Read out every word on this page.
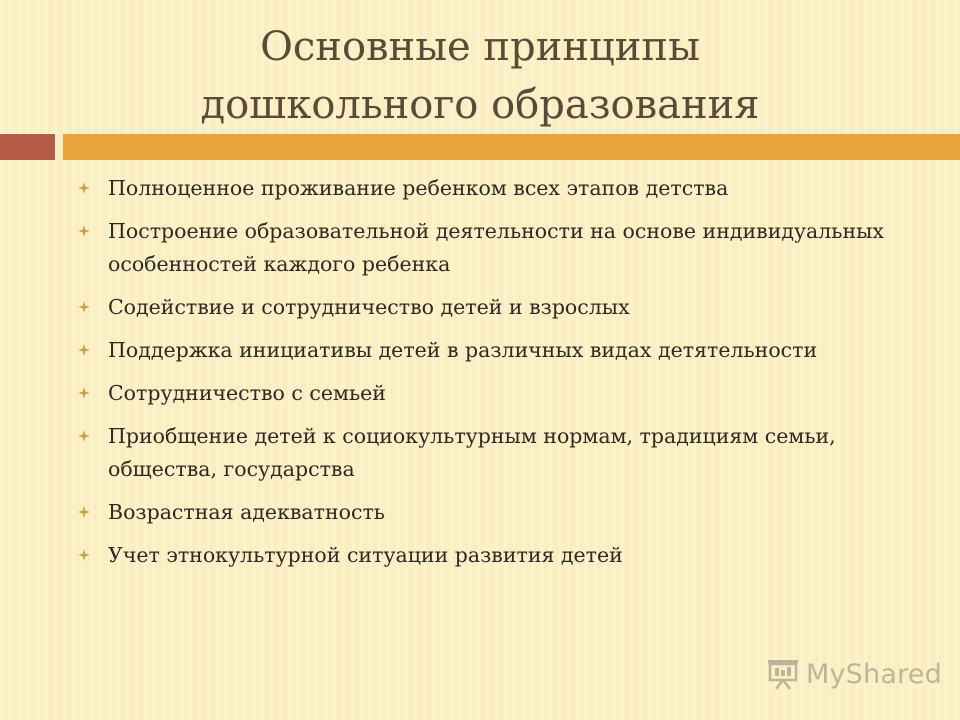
Основные принципы
дошкольного образования
Полноценное проживание ребенком всех этапов детства
Построение образовательной деятельности на основе индивидуальных особенностей каждого ребенка
Содействие и сотрудничество детей и взрослых
Поддержка инициативы детей в различных видах детятельности
Сотрудничество с семьей
Приобщение детей к социокультурным нормам, традициям семьи, общества, государства
Возрастная адекватность
Учет этнокультурной ситуации развития детей
MyShared
